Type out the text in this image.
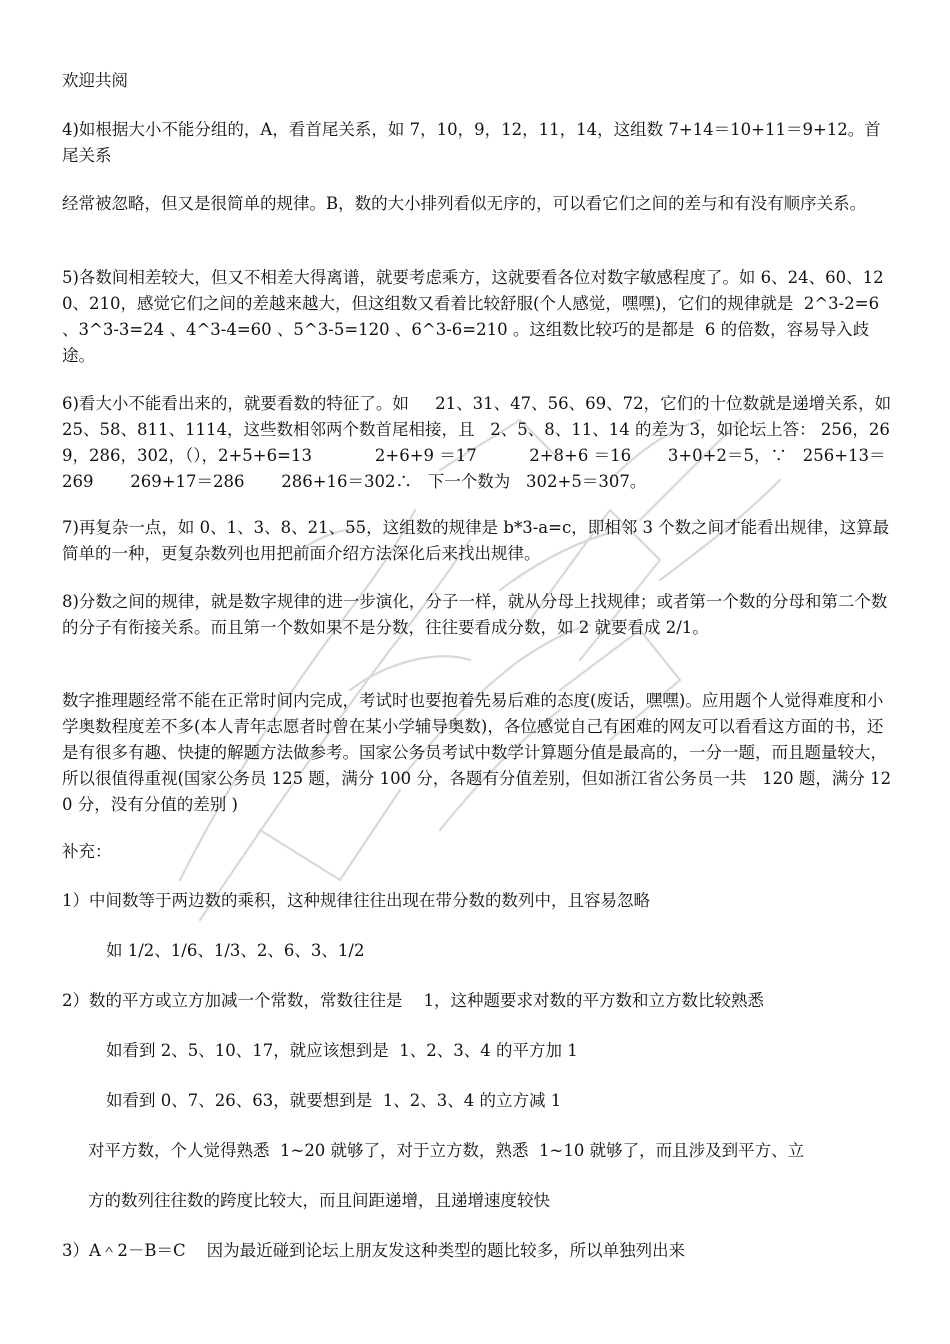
欢迎共阅
4)如根据大小不能分组的，A，看首尾关系，如 7，10，9，12，11，14，这组数 7+14＝10+11＝9+12。首尾关系
经常被忽略，但又是很简单的规律。B，数的大小排列看似无序的，可以看它们之间的差与和有没有顺序关系。
5)各数间相差较大，但又不相差大得离谱，就要考虑乘方，这就要看各位对数字敏感程度了。如 6、24、60、120、210，感觉它们之间的差越来越大，但这组数又看着比较舒服(个人感觉，嘿嘿)，它们的规律就是  2^3-2=6 、3^3-3=24 、4^3-4=60 、5^3-5=120 、6^3-6=210 。这组数比较巧的是都是  6 的倍数，容易导入歧途。
6)看大小不能看出来的，就要看数的特征了。如     21、31、47、56、69、72，它们的十位数就是递增关系，如 25、58、811、1114，这些数相邻两个数首尾相接，且   2、5、8、11、14 的差为 3，如论坛上答： 256，269，286，302，（），2+5+6=13            2+6+9 ＝17          2+8+6 ＝16       3+0+2＝5，∵   256+13＝269       269+17＝286       286+16＝302∴   下一个数为   302+5＝307。
7)再复杂一点，如 0、1、3、8、21、55，这组数的规律是 b*3-a=c，即相邻 3 个数之间才能看出规律，这算最简单的一种，更复杂数列也用把前面介绍方法深化后来找出规律。
8)分数之间的规律，就是数字规律的进一步演化，分子一样，就从分母上找规律；或者第一个数的分母和第二个数的分子有衔接关系。而且第一个数如果不是分数，往往要看成分数，如 2 就要看成 2/1。
数字推理题经常不能在正常时间内完成，考试时也要抱着先易后难的态度(废话，嘿嘿)。应用题个人觉得难度和小学奥数程度差不多(本人青年志愿者时曾在某小学辅导奥数)，各位感觉自己有困难的网友可以看看这方面的书，还是有很多有趣、快捷的解题方法做参考。国家公务员考试中数学计算题分值是最高的，一分一题，而且题量较大，所以很值得重视(国家公务员 125 题，满分 100 分，各题有分值差别，但如浙江省公务员一共   120 题，满分 120 分，没有分值的差别 )
补充：
1）中间数等于两边数的乘积，这种规律往往出现在带分数的数列中，且容易忽略
如 1/2、1/6、1/3、2、6、3、1/2
2）数的平方或立方加减一个常数，常数往往是    1，这种题要求对数的平方数和立方数比较熟悉
如看到 2、5、10、17，就应该想到是  1、2、3、4 的平方加 1
如看到 0、7、26、63，就要想到是  1、2、3、4 的立方减 1
对平方数，个人觉得熟悉  1~20 就够了，对于立方数，熟悉  1~10 就够了，而且涉及到平方、立
方的数列往往数的跨度比较大，而且间距递增，且递增速度较快
3）A＾2－B＝C    因为最近碰到论坛上朋友发这种类型的题比较多，所以单独列出来
